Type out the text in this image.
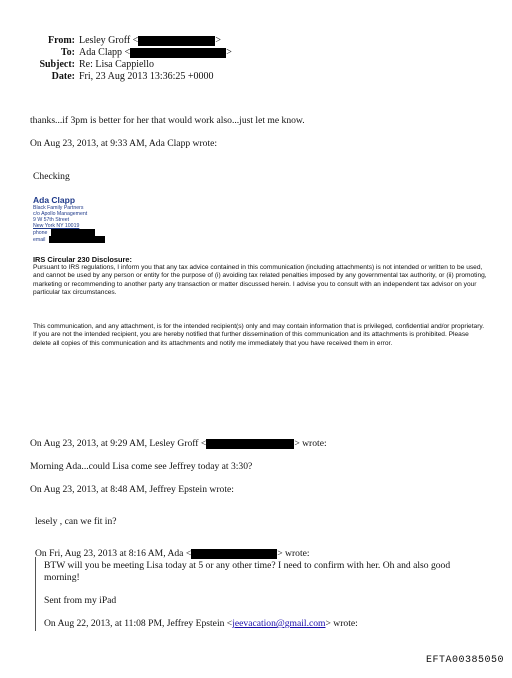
From: Lesley Groff <	>
To: Ada Clapp <	>
Subject: Re: Lisa Cappiello
Date: Fri, 23 Aug 2013 13:36:25 +0000
thanks...if 3pm is better for her that would work also...just let me know.
On Aug 23, 2013, at 9:33 AM, Ada Clapp wrote:
Checking
Ada Clapp
Black Family Partners
c/o Apollo Management
9 W 57th Street
New York NY 10019
phone
email
IRS Circular 230 Disclosure:
Pursuant to IRS regulations, I inform you that any tax advice contained in this communication (including attachments) is not intended or written to be used, and cannot be used by any person or entity for the purpose of (i) avoiding tax related penalties imposed by any governmental tax authority, or (ii) promoting, marketing or recommending to another party any transaction or matter discussed herein. I advise you to consult with an independent tax advisor on your particular tax circumstances.
This communication, and any attachment, is for the intended recipient(s) only and may contain information that is privileged, confidential and/or proprietary. If you are not the intended recipient, you are hereby notified that further dissemination of this communication and its attachments is prohibited. Please delete all copies of this communication and its attachments and notify me immediately that you have received them in error.
On Aug 23, 2013, at 9:29 AM, Lesley Groff <	> wrote:
Morning Ada...could Lisa come see Jeffrey today at 3:30?
On Aug 23, 2013, at 8:48 AM, Jeffrey Epstein wrote:
lesely , can we fit in?
On Fri, Aug 23, 2013 at 8:16 AM, Ada <	> wrote:
BTW will you be meeting Lisa today at 5 or any other time? I need to confirm with her. Oh and also good
morning!
Sent from my iPad
On Aug 22, 2013, at 11:08 PM, Jeffrey Epstein <jeevacation@gmail.com> wrote:
EFTA00385050
